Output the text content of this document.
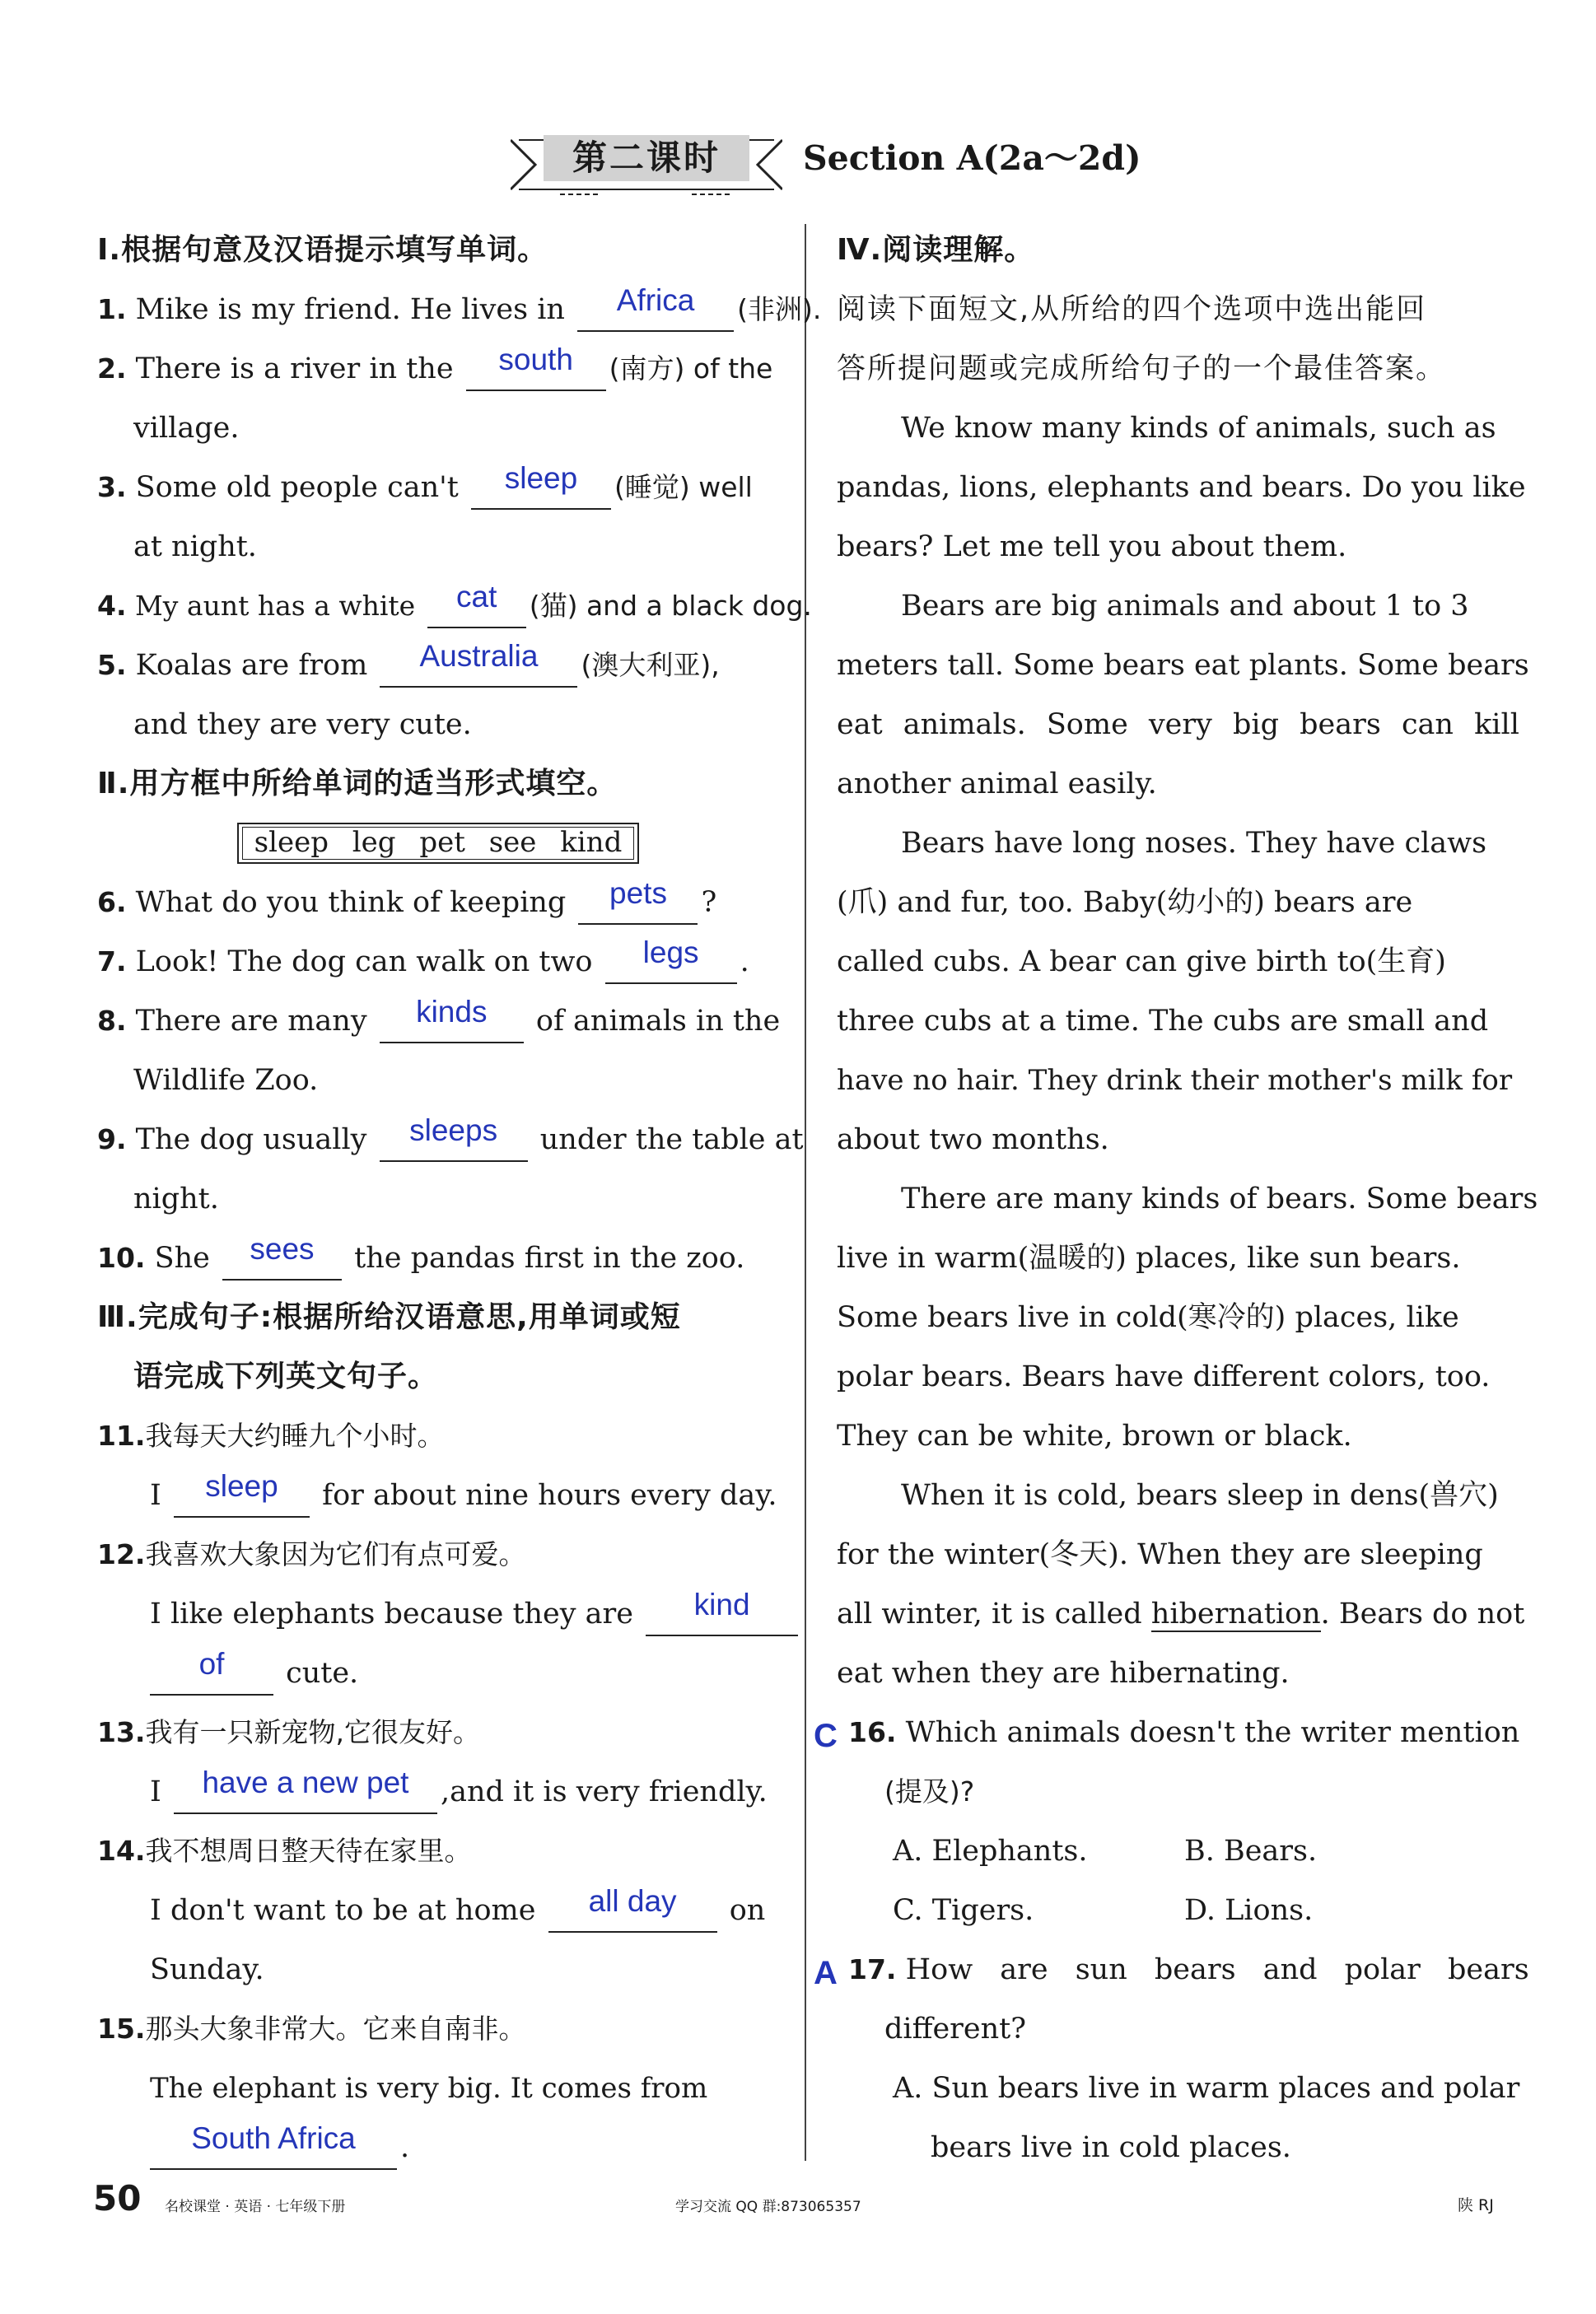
第二课时	Section A(2a～2d)
Ⅰ.根据句意及汉语提示填写单词。
1. Mike is my friend. He lives in Africa (非洲).
2. There is a river in the south (南方) of the
village.
3. Some old people can't sleep (睡觉) well
at night.
4. My aunt has a white cat (猫) and a black dog.
5. Koalas are from Australia (澳大利亚),
and they are very cute.
Ⅱ.用方框中所给单词的适当形式填空。
sleep leg pet see kind
6. What do you think of keeping pets ?
7. Look! The dog can walk on two legs .
8. There are many kinds of animals in the
Wildlife Zoo.
9. The dog usually sleeps under the table at
night.
10. She sees the pandas first in the zoo.
Ⅲ.完成句子:根据所给汉语意思,用单词或短
语完成下列英文句子。
11.我每天大约睡九个小时。
I sleep for about nine hours every day.
12.我喜欢大象因为它们有点可爱。
I like elephants because they are kind
of cute.
13.我有一只新宠物,它很友好。
I have a new pet ,and it is very friendly.
14.我不想周日整天待在家里。
I don't want to be at home all day on
Sunday.
15.那头大象非常大。它来自南非。
The elephant is very big. It comes from
South Africa .
Ⅳ.阅读理解。
阅读下面短文,从所给的四个选项中选出能回
答所提问题或完成所给句子的一个最佳答案。
We know many kinds of animals, such as
pandas, lions, elephants and bears. Do you like
bears? Let me tell you about them.
Bears are big animals and about 1 to 3
meters tall. Some bears eat plants. Some bears
eat animals. Some very big bears can kill
another animal easily.
Bears have long noses. They have claws
(爪) and fur, too. Baby(幼小的) bears are
called cubs. A bear can give birth to(生育)
three cubs at a time. The cubs are small and
have no hair. They drink their mother's milk for
about two months.
There are many kinds of bears. Some bears
live in warm(温暖的) places, like sun bears.
Some bears live in cold(寒冷的) places, like
polar bears. Bears have different colors, too.
They can be white, brown or black.
When it is cold, bears sleep in dens(兽穴)
for the winter(冬天). When they are sleeping
all winter, it is called hibernation. Bears do not
eat when they are hibernating.
C 16. Which animals doesn't the writer mention
(提及)?
A. Elephants.	B. Bears.
C. Tigers.	D. Lions.
A 17. How are sun bears and polar bears
different?
A. Sun bears live in warm places and polar
bears live in cold places.
50 名校课堂 · 英语 · 七年级下册	学习交流 QQ 群:873065357	陕 RJ
